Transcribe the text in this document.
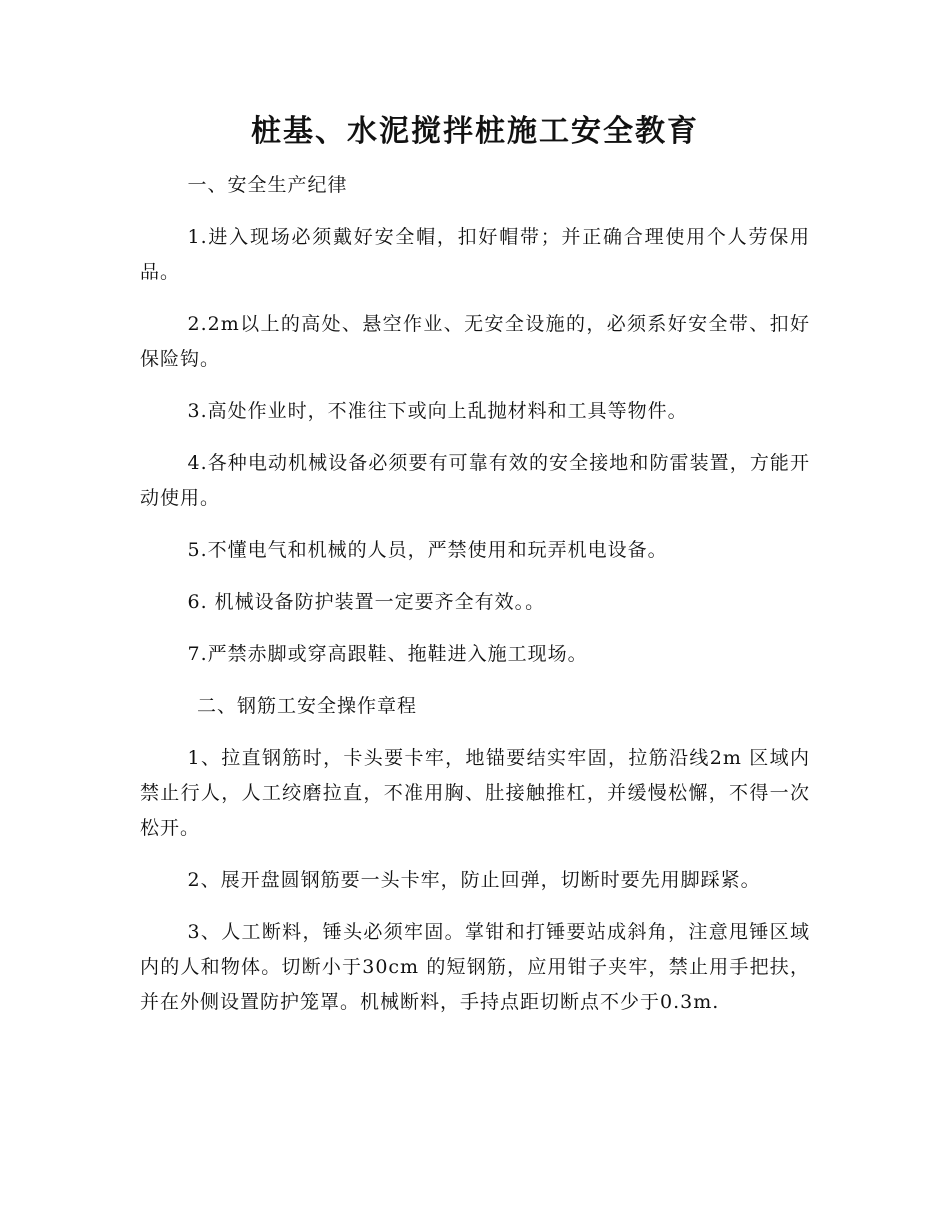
桩基、水泥搅拌桩施工安全教育

一、安全生产纪律

1.进入现场必须戴好安全帽，扣好帽带；并正确合理使用个人劳保用品。

2.2m以上的高处、悬空作业、无安全设施的，必须系好安全带、扣好保险钩。

3.高处作业时，不准往下或向上乱抛材料和工具等物件。

4.各种电动机械设备必须要有可靠有效的安全接地和防雷装置，方能开动使用。

5.不懂电气和机械的人员，严禁使用和玩弄机电设备。

6. 机械设备防护装置一定要齐全有效。。

7.严禁赤脚或穿高跟鞋、拖鞋进入施工现场。

二、钢筋工安全操作章程

1、拉直钢筋时，卡头要卡牢，地锚要结实牢固，拉筋沿线2m 区域内禁止行人，人工绞磨拉直，不准用胸、肚接触推杠，并缓慢松懈，不得一次松开。

2、展开盘圆钢筋要一头卡牢，防止回弹，切断时要先用脚踩紧。

3、人工断料，锤头必须牢固。掌钳和打锤要站成斜角，注意甩锤区域内的人和物体。切断小于30cm 的短钢筋，应用钳子夹牢，禁止用手把扶，并在外侧设置防护笼罩。机械断料，手持点距切断点不少于0.3m.
